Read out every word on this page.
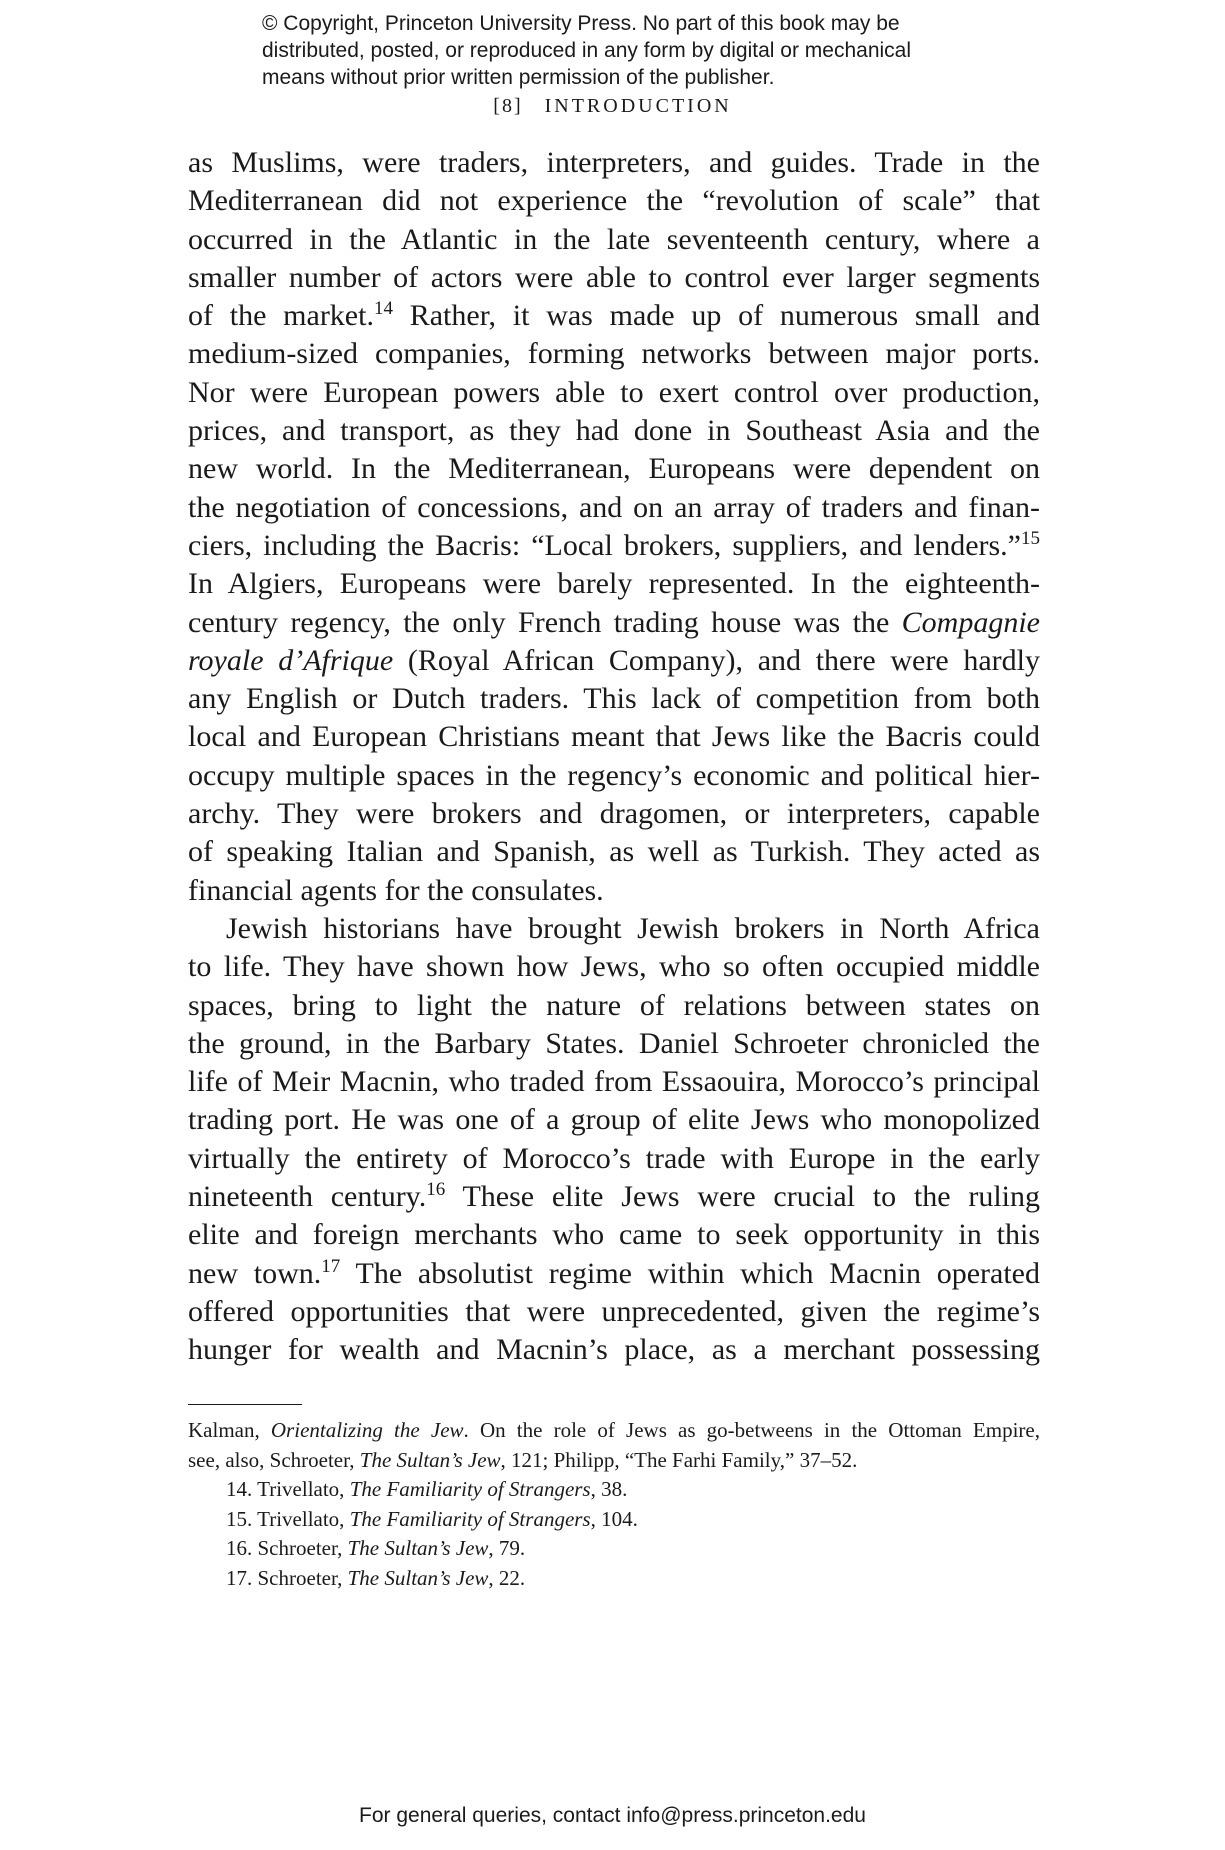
© Copyright, Princeton University Press. No part of this book may be
distributed, posted, or reproduced in any form by digital or mechanical
means without prior written permission of the publisher.
[8] INTRODUCTION

as Muslims, were traders, interpreters, and guides. Trade in the
Mediterranean did not experience the “revolution of scale” that
occurred in the Atlantic in the late seventeenth century, where a
smaller number of actors were able to control ever larger segments
of the market.$^{14}$ Rather, it was made up of numerous small and
medium-sized companies, forming networks between major ports.
Nor were European powers able to exert control over production,
prices, and transport, as they had done in Southeast Asia and the
new world. In the Mediterranean, Europeans were dependent on
the negotiation of concessions, and on an array of traders and finan-
ciers, including the Bacris: “Local brokers, suppliers, and lenders.”$^{15}$
In Algiers, Europeans were barely represented. In the eighteenth-
century regency, the only French trading house was the Compagnie
royale d’Afrique (Royal African Company), and there were hardly
any English or Dutch traders. This lack of competition from both
local and European Christians meant that Jews like the Bacris could
occupy multiple spaces in the regency’s economic and political hier-
archy. They were brokers and dragomen, or interpreters, capable
of speaking Italian and Spanish, as well as Turkish. They acted as
financial agents for the consulates.

Jewish historians have brought Jewish brokers in North Africa
to life. They have shown how Jews, who so often occupied middle
spaces, bring to light the nature of relations between states on
the ground, in the Barbary States. Daniel Schroeter chronicled the
life of Meir Macnin, who traded from Essaouira, Morocco’s principal
trading port. He was one of a group of elite Jews who monopolized
virtually the entirety of Morocco’s trade with Europe in the early
nineteenth century.$^{16}$ These elite Jews were crucial to the ruling
elite and foreign merchants who came to seek opportunity in this
new town.$^{17}$ The absolutist regime within which Macnin operated
offered opportunities that were unprecedented, given the regime’s
hunger for wealth and Macnin’s place, as a merchant possessing

Kalman, Orientalizing the Jew. On the role of Jews as go-betweens in the Ottoman Empire,
see, also, Schroeter, The Sultan’s Jew, 121; Philipp, “The Farhi Family,” 37–52.
14. Trivellato, The Familiarity of Strangers, 38.
15. Trivellato, The Familiarity of Strangers, 104.
16. Schroeter, The Sultan’s Jew, 79.
17. Schroeter, The Sultan’s Jew, 22.
For general queries, contact info@press.princeton.edu
